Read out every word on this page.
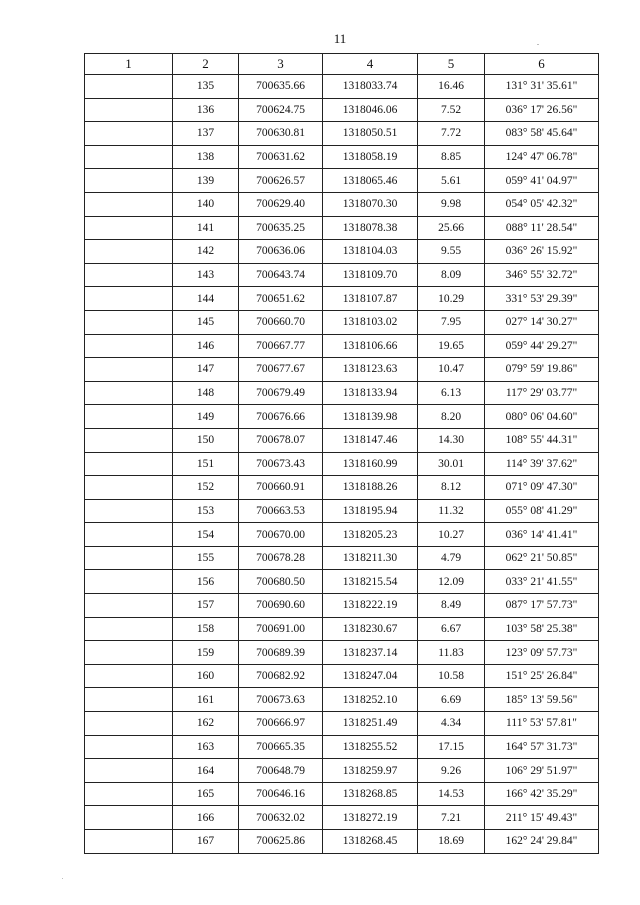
11
1	2	3	4	5	6
	135	700635.66	1318033.74	16.46	131° 31' 35.61"
	136	700624.75	1318046.06	7.52	036° 17' 26.56"
	137	700630.81	1318050.51	7.72	083° 58' 45.64"
	138	700631.62	1318058.19	8.85	124° 47' 06.78"
	139	700626.57	1318065.46	5.61	059° 41' 04.97"
	140	700629.40	1318070.30	9.98	054° 05' 42.32"
	141	700635.25	1318078.38	25.66	088° 11' 28.54"
	142	700636.06	1318104.03	9.55	036° 26' 15.92"
	143	700643.74	1318109.70	8.09	346° 55' 32.72"
	144	700651.62	1318107.87	10.29	331° 53' 29.39"
	145	700660.70	1318103.02	7.95	027° 14' 30.27"
	146	700667.77	1318106.66	19.65	059° 44' 29.27"
	147	700677.67	1318123.63	10.47	079° 59' 19.86"
	148	700679.49	1318133.94	6.13	117° 29' 03.77"
	149	700676.66	1318139.98	8.20	080° 06' 04.60"
	150	700678.07	1318147.46	14.30	108° 55' 44.31"
	151	700673.43	1318160.99	30.01	114° 39' 37.62"
	152	700660.91	1318188.26	8.12	071° 09' 47.30"
	153	700663.53	1318195.94	11.32	055° 08' 41.29"
	154	700670.00	1318205.23	10.27	036° 14' 41.41"
	155	700678.28	1318211.30	4.79	062° 21' 50.85"
	156	700680.50	1318215.54	12.09	033° 21' 41.55"
	157	700690.60	1318222.19	8.49	087° 17' 57.73"
	158	700691.00	1318230.67	6.67	103° 58' 25.38"
	159	700689.39	1318237.14	11.83	123° 09' 57.73"
	160	700682.92	1318247.04	10.58	151° 25' 26.84"
	161	700673.63	1318252.10	6.69	185° 13' 59.56"
	162	700666.97	1318251.49	4.34	111° 53' 57.81"
	163	700665.35	1318255.52	17.15	164° 57' 31.73"
	164	700648.79	1318259.97	9.26	106° 29' 51.97"
	165	700646.16	1318268.85	14.53	166° 42' 35.29"
	166	700632.02	1318272.19	7.21	211° 15' 49.43"
	167	700625.86	1318268.45	18.69	162° 24' 29.84"
